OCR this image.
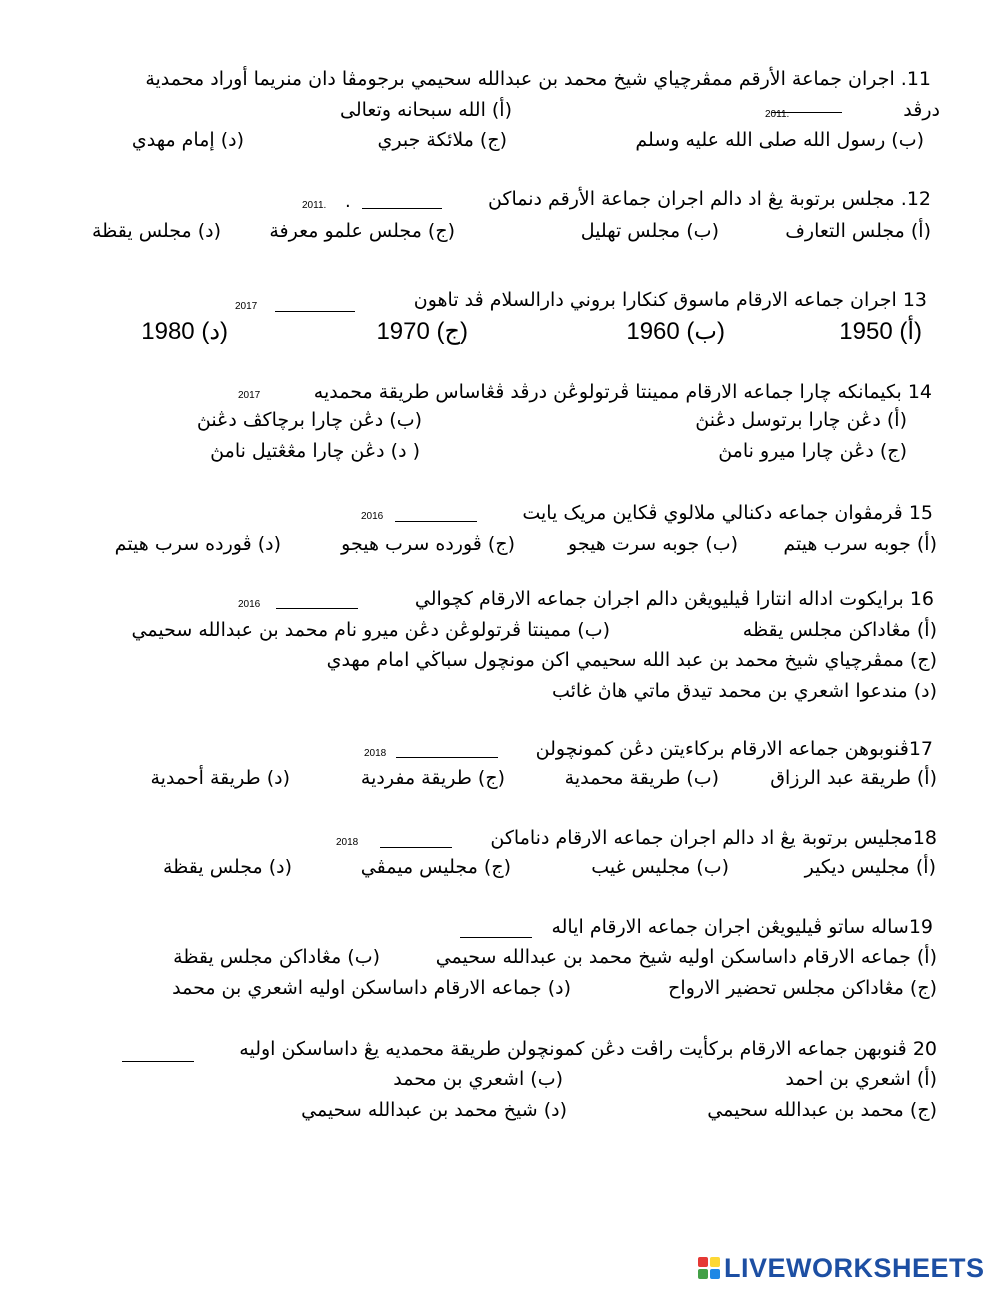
11. اجران جماعة الأرقم ممڤرچياي شيخ محمد بن عبدالله سحيمي برجومڤا دان منريما أوراد محمدية
درڤد
2011.
(أ) الله سبحانه وتعالى
(ب) رسول الله صلى الله عليه وسلم
(ج) ملائكة جبري
(د) إمام مهدي
12. مجلس برتوبة يڠ اد دالم اجران جماعة الأرقم دنماكن
2011. .
(أ) مجلس التعارف
(ب) مجلس تهليل
(ج) مجلس علمو معرفة
(د) مجلس يقظة
13 اجران جماعه الارقام ماسوق كنكارا بروني دارالسلام ڤد تاهون
2017
(أ) 1950
(ب) 1960
(ج) 1970
(د) 1980
14 بكيمانكه چارا جماعه الارقام ممينتا ڤرتولوڠن درڤد ڤڠاساس طريقة محمديه
2017
(أ) دڠن چارا برتوسل دڠنڽ
(ب) دڠن چارا برچاكڤ دڠنڽ
(ج) دڠن چارا ميرو نامڽ
( د) دڠن چارا مڠڠتيل نامڽ
15 ڤرمڤوان جماعه دكنالي ملالوي ڤكاين مريک يايت
2016
(أ) جوبه سرب هيتم
(ب) جوبه سرت هيجو
(ج) ڤورده سرب هيجو
(د) ڤورده سرب هيتم
16 برايكوت اداله انتارا ڤيليويڠن دالم اجران جماعه الارقام كچوالي
2016
(أ) مڠاداكن مجلس يقظه
(ب) ممينتا ڤرتولوڠن دڠن ميرو نام محمد بن عبدالله سحيمي
(ج) ممڤرچياي شيخ محمد بن عبد الله سحيمي اكن مونچول سباڬي امام مهدي
(د) مندعوا اشعري بن محمد تيدق ماتي هاڽ غائب
17ڤنوبوهن جماعه الارقام بركاءيتن دڠن كمونچولن
2018
(أ) طريقة عبد الرزاق
(ب) طريقة محمدية
(ج) طريقة مفردية
(د) طريقة أحمدية
18مجليس برتوبة يڠ اد دالم اجران جماعه الارقام دناماكن
2018
(أ) مجليس ديكير
(ب) مجليس غيب
(ج) مجليس ميمڤي
(د) مجلس يقظة
19ساله ساتو ڤيليويڠن اجران جماعه الارقام اياله
(أ) جماعه الارقام داساسكن اوليه شيخ محمد بن عبدالله سحيمي
(ب) مڠاداكن مجلس يقظة
(ج) مڠاداكن مجلس تحضير الارواح
(د) جماعه الارقام داساسكن اوليه اشعري بن محمد
20 ڤنوبهن جماعه الارقام بركأيت راڤت دڠن كمونچولن طريقة محمديه يڠ داساسكن اوليه
(أ) اشعري بن احمد
(ب) اشعري بن محمد
(ج) محمد بن عبدالله سحيمي
(د) شيخ محمد بن عبدالله سحيمي
LIVEWORKSHEETS
